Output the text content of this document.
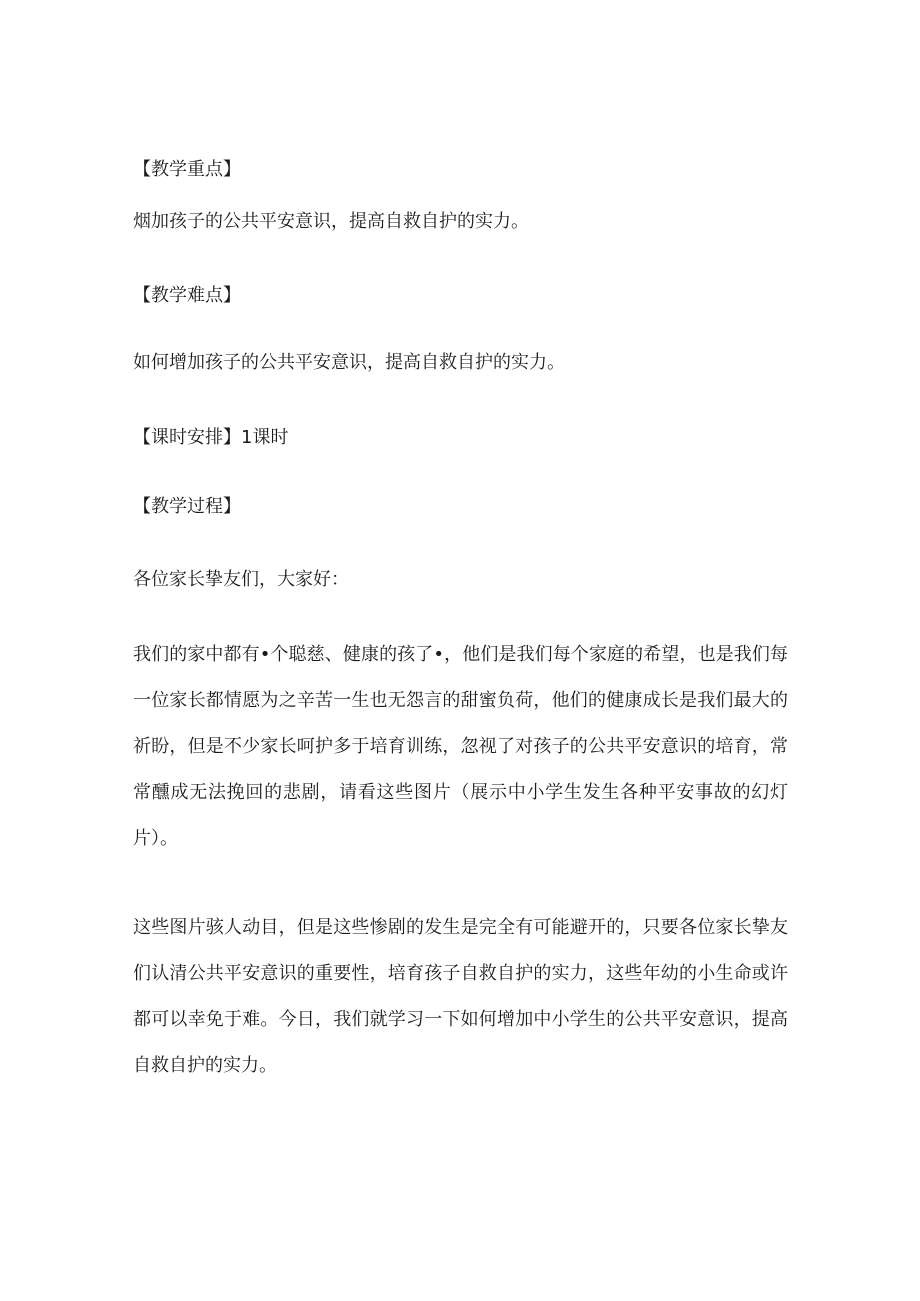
【教学重点】

烟加孩子的公共平安意识，提高自救自护的实力。

【教学难点】

如何增加孩子的公共平安意识，提高自救自护的实力。

【课时安排】1课时

【教学过程】

各位家长挚友们，大家好：

我们的家中都有•个聪慈、健康的孩了•，他们是我们每个家庭的希望，也是我们每一位家长都情愿为之辛苦一生也无怨言的甜蜜负荷，他们的健康成长是我们最大的祈盼，但是不少家长呵护多于培育训练，忽视了对孩子的公共平安意识的培育，常常醺成无法挽回的悲剧，请看这些图片（展示中小学生发生各种平安事故的幻灯片）。

这些图片骇人动目，但是这些惨剧的发生是完全有可能避开的，只要各位家长挚友们认清公共平安意识的重要性，培育孩子自救自护的实力，这些年幼的小生命或许都可以幸免于难。今日，我们就学习一下如何增加中小学生的公共平安意识，提高自救自护的实力。
